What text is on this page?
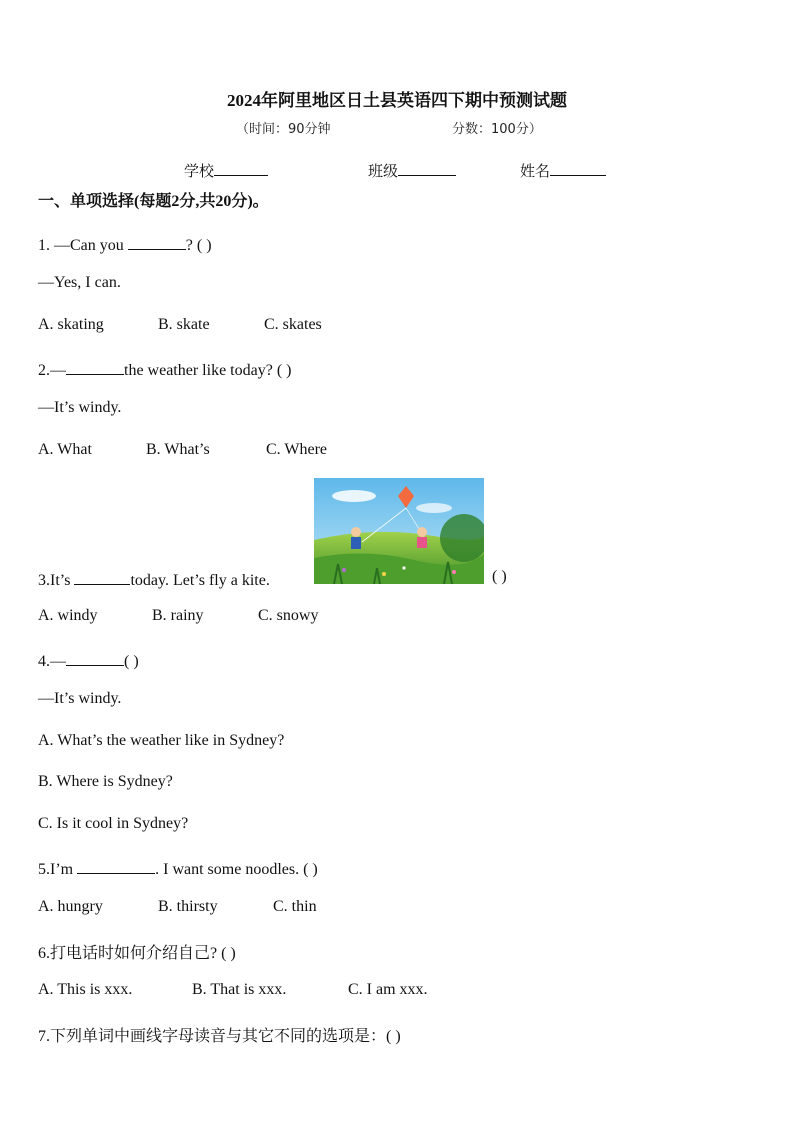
2024年阿里地区日土县英语四下期中预测试题
（时间：90分钟	分数：100分）
学校	班级	姓名
一、单项选择(每题2分,共20分)。
1. —Can you	? ( )
—Yes, I can.
A. skating	B. skate	C. skates
2.—	the weather like today? ( )
—It’s windy.
A. What	B. What’s	C. Where
3.It’s	today. Let’s fly a kite.	( )
A. windy	B. rainy	C. snowy
4.—	( )
—It’s windy.
A. What’s the weather like in Sydney?
B. Where is Sydney?
C. Is it cool in Sydney?
5.I’m	. I want some noodles. ( )
A. hungry	B. thirsty	C. thin
6.打电话时如何介绍自己? ( )
A. This is xxx.	B. That is xxx.	C. I am xxx.
7.下列单词中画线字母读音与其它不同的选项是：( )
